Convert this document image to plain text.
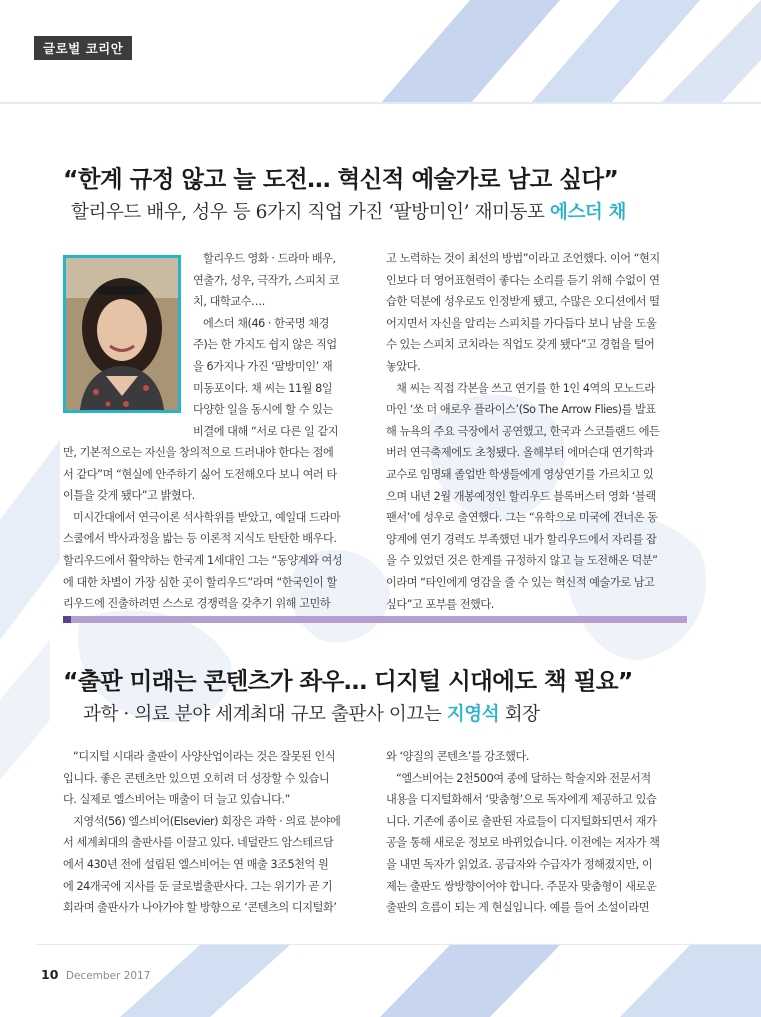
글로벌 코리안
“한계 규정 않고 늘 도전… 혁신적 예술가로 남고 싶다”
할리우드 배우, 성우 등 6가지 직업 가진 ‘팔방미인’ 재미동포 에스더 채

할리우드 영화 · 드라마 배우,

연출가, 성우, 극작가, 스피치 코

치, 대학교수….

에스더 채(46 · 한국명 채경

주)는 한 가지도 쉽지 않은 직업

을 6가지나 가진 ‘팔방미인’ 재

미동포이다. 채 씨는 11월 8일

다양한 일을 동시에 할 수 있는

비결에 대해 “서로 다른 일 같지

만, 기본적으로는 자신을 창의적으로 드러내야 한다는 점에

서 같다”며 “현실에 안주하기 싫어 도전해오다 보니 여러 타

이틀을 갖게 됐다”고 밝혔다.

미시간대에서 연극이론 석사학위를 받았고, 예일대 드라마

스쿨에서 박사과정을 밟는 등 이론적 지식도 탄탄한 배우다.

할리우드에서 활약하는 한국계 1세대인 그는 “동양계와 여성

에 대한 차별이 가장 심한 곳이 할리우드”라며 “한국인이 할

리우드에 진출하려면 스스로 경쟁력을 갖추기 위해 고민하

고 노력하는 것이 최선의 방법”이라고 조언했다. 이어 “현지

인보다 더 영어표현력이 좋다는 소리를 듣기 위해 수없이 연

습한 덕분에 성우로도 인정받게 됐고, 수많은 오디션에서 떨

어지면서 자신을 알리는 스피치를 가다듬다 보니 남을 도울

수 있는 스피치 코치라는 직업도 갖게 됐다”고 경험을 털어

놓았다.

채 씨는 직접 각본을 쓰고 연기를 한 1인 4역의 모노드라

마인 ‘쏘 더 애로우 플라이스’(So The Arrow Flies)를 발표

해 뉴욕의 주요 극장에서 공연했고, 한국과 스코틀랜드 에든

버러 연극축제에도 초청됐다. 올해부터 에머슨대 연기학과

교수로 임명돼 졸업반 학생들에게 영상연기를 가르치고 있

으며 내년 2월 개봉예정인 할리우드 블록버스터 영화 ‘블랙

팬서’에 성우로 출연했다. 그는 “유학으로 미국에 건너온 동

양계에 연기 경력도 부족했던 내가 할리우드에서 자리를 잡

을 수 있었던 것은 한계를 규정하지 않고 늘 도전해온 덕분”

이라며 “타인에게 영감을 줄 수 있는 혁신적 예술가로 남고

싶다”고 포부를 전했다.

“출판 미래는 콘텐츠가 좌우… 디지털 시대에도 책 필요”
과학 · 의료 분야 세계최대 규모 출판사 이끄는 지영석 회장

“디지털 시대라 출판이 사양산업이라는 것은 잘못된 인식

입니다. 좋은 콘텐츠만 있으면 오히려 더 성장할 수 있습니

다. 실제로 엘스비어는 매출이 더 늘고 있습니다.”

지영석(56) 엘스비어(Elsevier) 회장은 과학 · 의료 분야에

서 세계최대의 출판사를 이끌고 있다. 네덜란드 암스테르담

에서 430년 전에 설립된 엘스비어는 연 매출 3조5천억 원

에 24개국에 지사를 둔 글로벌출판사다. 그는 위기가 곧 기

회라며 출판사가 나아가야 할 방향으로 ‘콘텐츠의 디지털화’

와 ‘양질의 콘텐츠’를 강조했다.

“엘스비어는 2천500여 종에 달하는 학술지와 전문서적

내용을 디지털화해서 ‘맞춤형’으로 독자에게 제공하고 있습

니다. 기존에 종이로 출판된 자료들이 디지털화되면서 재가

공을 통해 새로운 정보로 바뀌었습니다. 이전에는 저자가 책

을 내면 독자가 읽었죠. 공급자와 수급자가 정해졌지만, 이

제는 출판도 쌍방향이어야 합니다. 주문자 맞춤형이 새로운

출판의 흐름이 되는 게 현실입니다. 예를 들어 소설이라면

10 December 2017
